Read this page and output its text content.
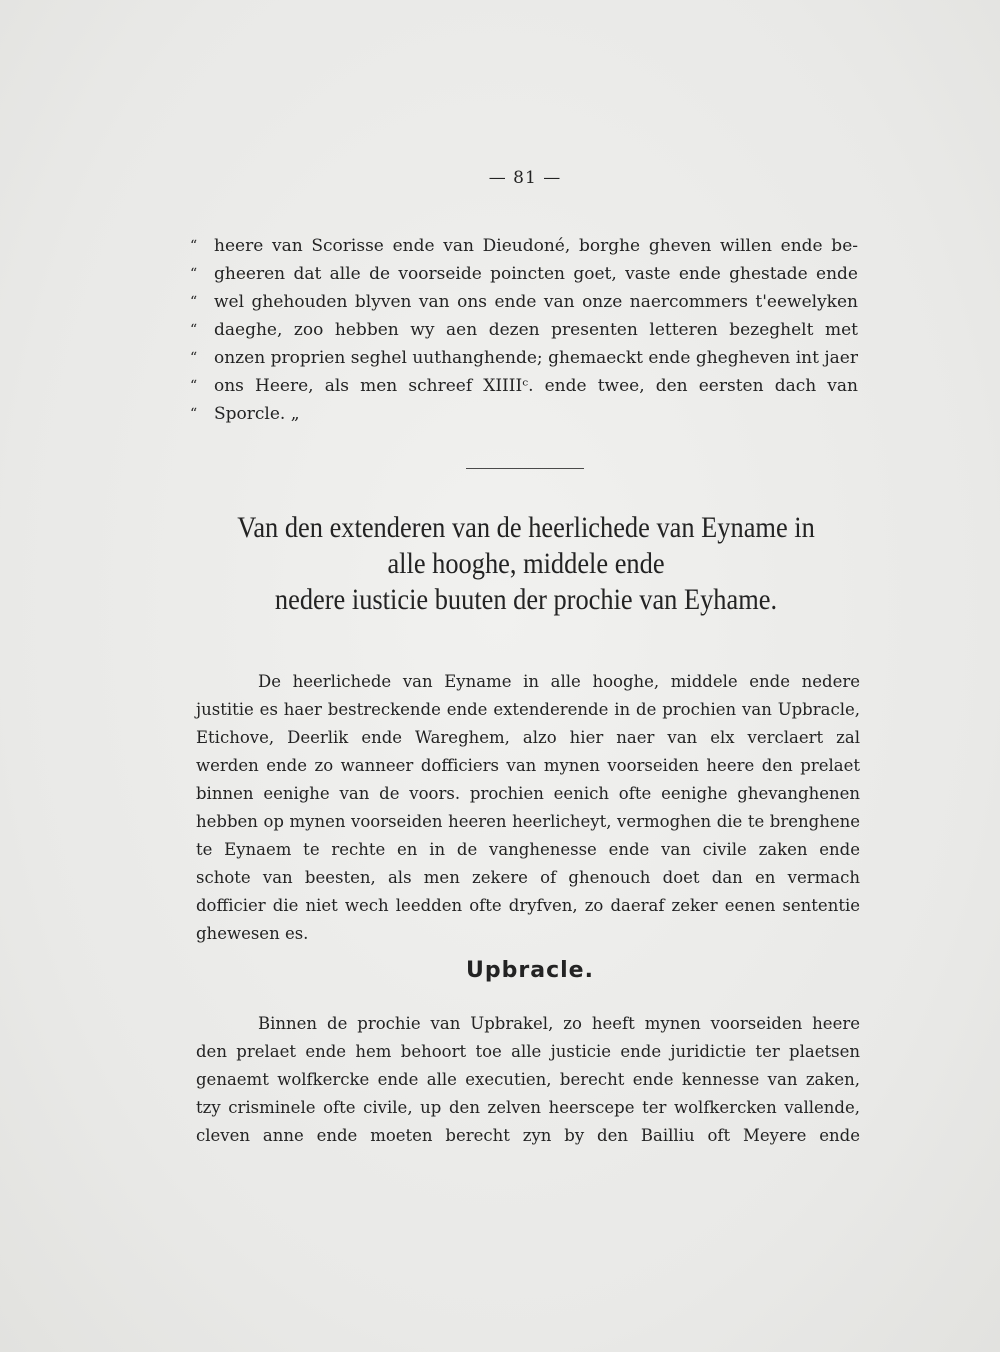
— 81 —
“ heere van Scorisse ende van Dieudoné, borghe gheven willen ende be-
“ gheeren dat alle de voorseide poincten goet, vaste ende ghestade ende
“ wel ghehouden blyven van ons ende van onze naercommers t'eewelyken
“ daeghe, zoo hebben wy aen dezen presenten letteren bezeghelt met
“ onzen proprien seghel uuthanghende; ghemaeckt ende ghegheven int jaer
“ ons Heere, als men schreef XIIIIᶜ. ende twee, den eersten dach van
“ Sporcle. „
Van den extenderen van de heerlichede van Eyname in
alle hooghe, middele ende
nedere iusticie buuten der prochie van Eyhame.
De heerlichede van Eyname in alle hooghe, middele ende nedere
justitie es haer bestreckende ende extenderende in de prochien van Upbracle,
Etichove, Deerlik ende Wareghem, alzo hier naer van elx verclaert zal
werden ende zo wanneer dofficiers van mynen voorseiden heere den prelaet
binnen eenighe van de voors. prochien eenich ofte eenighe ghevanghenen
hebben op mynen voorseiden heeren heerlicheyt, vermoghen die te brenghene
te Eynaem te rechte en in de vanghenesse ende van civile zaken ende
schote van beesten, als men zekere of ghenouch doet dan en vermach
dofficier die niet wech leedden ofte dryfven, zo daeraf zeker eenen sententie
ghewesen es.
Upbracle.
Binnen de prochie van Upbrakel, zo heeft mynen voorseiden heere
den prelaet ende hem behoort toe alle justicie ende juridictie ter plaetsen
genaemt wolfkercke ende alle executien, berecht ende kennesse van zaken,
tzy crisminele ofte civile, up den zelven heerscepe ter wolfkercken vallende,
cleven anne ende moeten berecht zyn by den Bailliu oft Meyere ende
